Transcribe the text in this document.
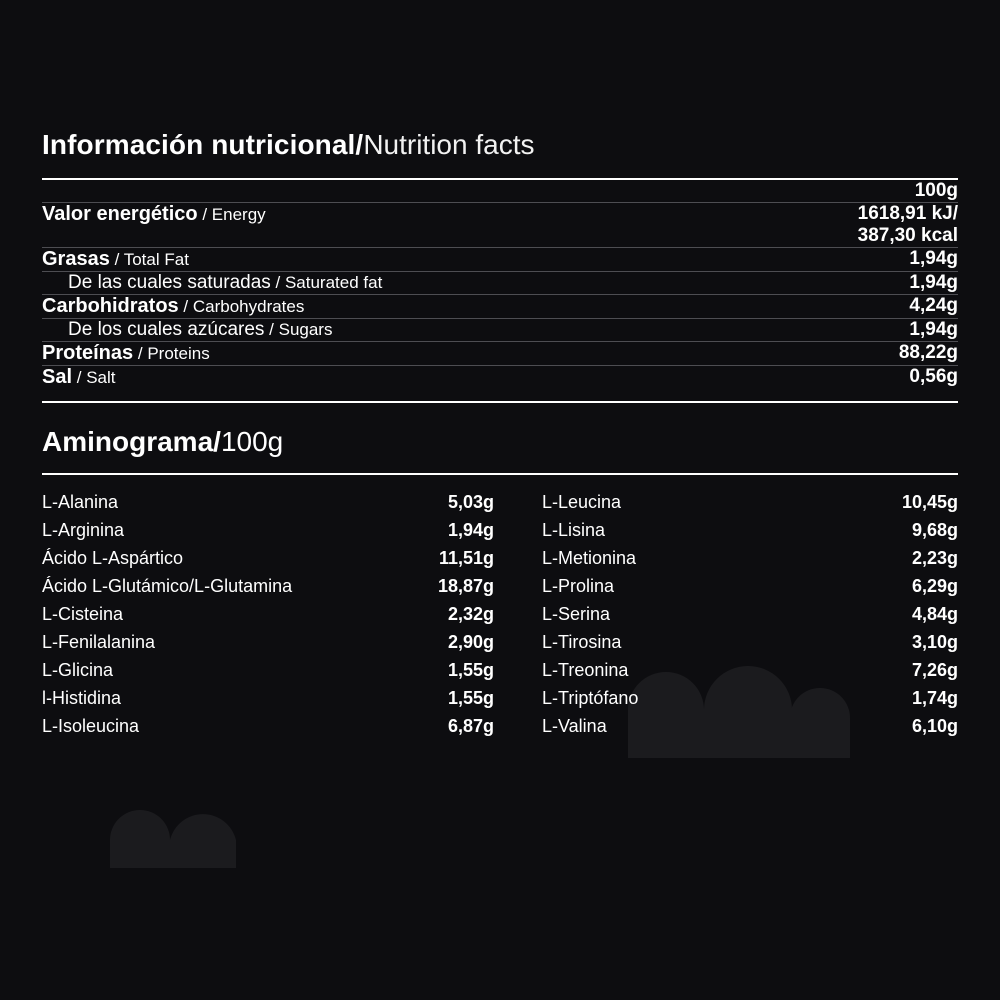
Información nutricional/Nutrition facts
	100g

Valor energético / Energy	1618,91 kJ/
387,30 kcal

Grasas / Total Fat	1,94g

De las cuales saturadas / Saturated fat	1,94g

Carbohidratos / Carbohydrates	4,24g

De los cuales azúcares / Sugars	1,94g

Proteínas / Proteins	88,22g

Sal / Salt	0,56g
Aminograma/100g
L-Alanina	5,03g
L-Arginina	1,94g
Ácido L-Aspártico	11,51g
Ácido L-Glutámico/L-Glutamina	18,87g
L-Cisteina	2,32g
L-Fenilalanina	2,90g
L-Glicina	1,55g
l-Histidina	1,55g
L-Isoleucina	6,87g
L-Leucina	10,45g
L-Lisina	9,68g
L-Metionina	2,23g
L-Prolina	6,29g
L-Serina	4,84g
L-Tirosina	3,10g
L-Treonina	7,26g
L-Triptófano	1,74g
L-Valina	6,10g
